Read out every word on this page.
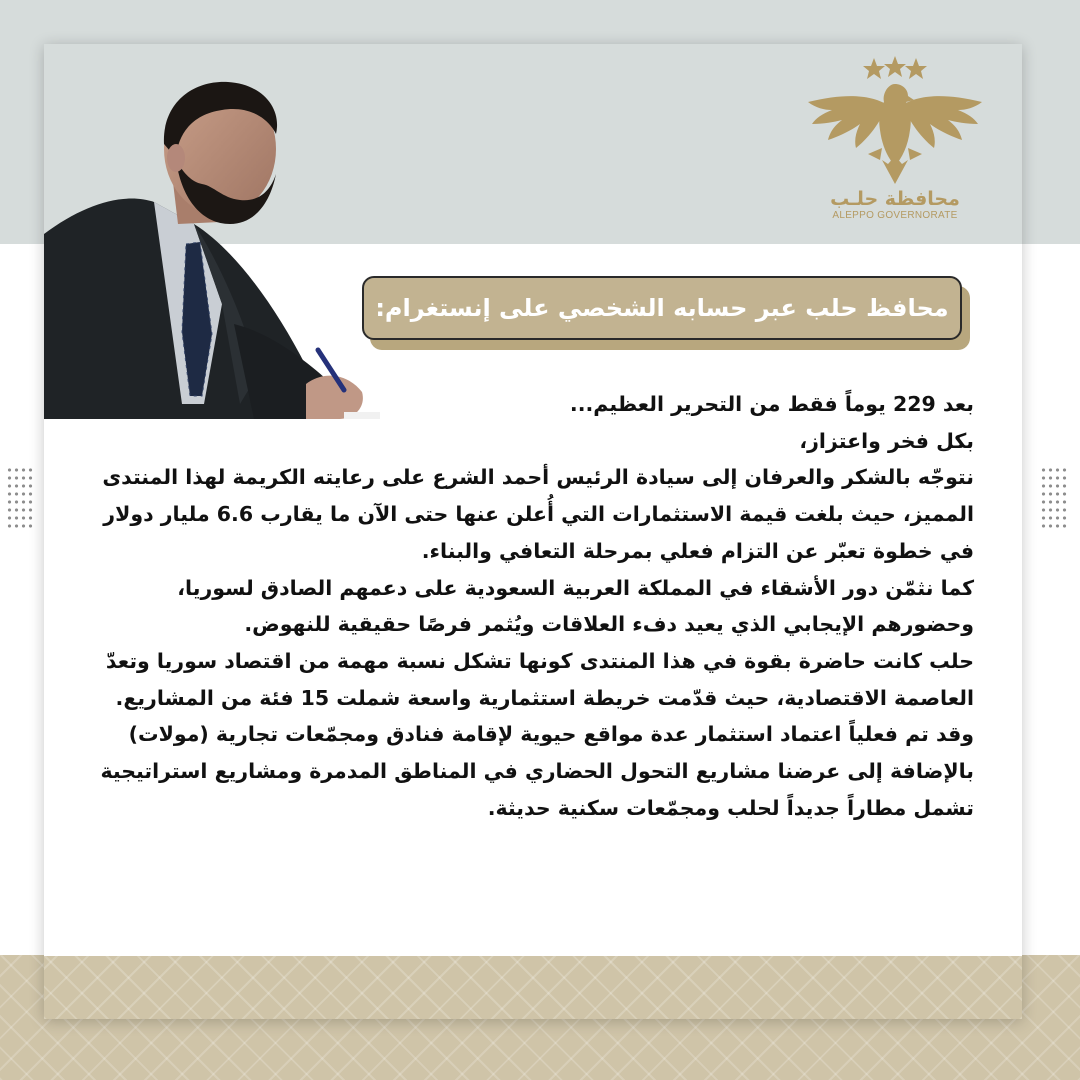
محافظة حلـب
ALEPPO GOVERNORATE
محافظ حلب عبر حسابه الشخصي على إنستغرام:
بعد 229 يوماً فقط من التحرير العظيم...
بكل فخر واعتزاز،
نتوجّه بالشكر والعرفان إلى سيادة الرئيس أحمد الشرع على رعايته الكريمة لهذا المنتدى
المميز، حيث بلغت قيمة الاستثمارات التي أُعلن عنها حتى الآن ما يقارب 6.6 مليار دولار
في خطوة تعبّر عن التزام فعلي بمرحلة التعافي والبناء.
كما نثمّن دور الأشقاء في المملكة العربية السعودية على دعمهم الصادق لسوريا،
وحضورهم الإيجابي الذي يعيد دفء العلاقات ويُثمر فرصًا حقيقية للنهوض.
حلب كانت حاضرة بقوة في هذا المنتدى كونها تشكل نسبة مهمة من اقتصاد سوريا وتعدّ
العاصمة الاقتصادية، حيث قدّمت خريطة استثمارية واسعة شملت 15 فئة من المشاريع.
وقد تم فعلياً اعتماد استثمار عدة مواقع حيوية لإقامة فنادق ومجمّعات تجارية (مولات)
بالإضافة إلى عرضنا مشاريع التحول الحضاري في المناطق المدمرة ومشاريع استراتيجية
تشمل مطاراً جديداً لحلب ومجمّعات سكنية حديثة.
